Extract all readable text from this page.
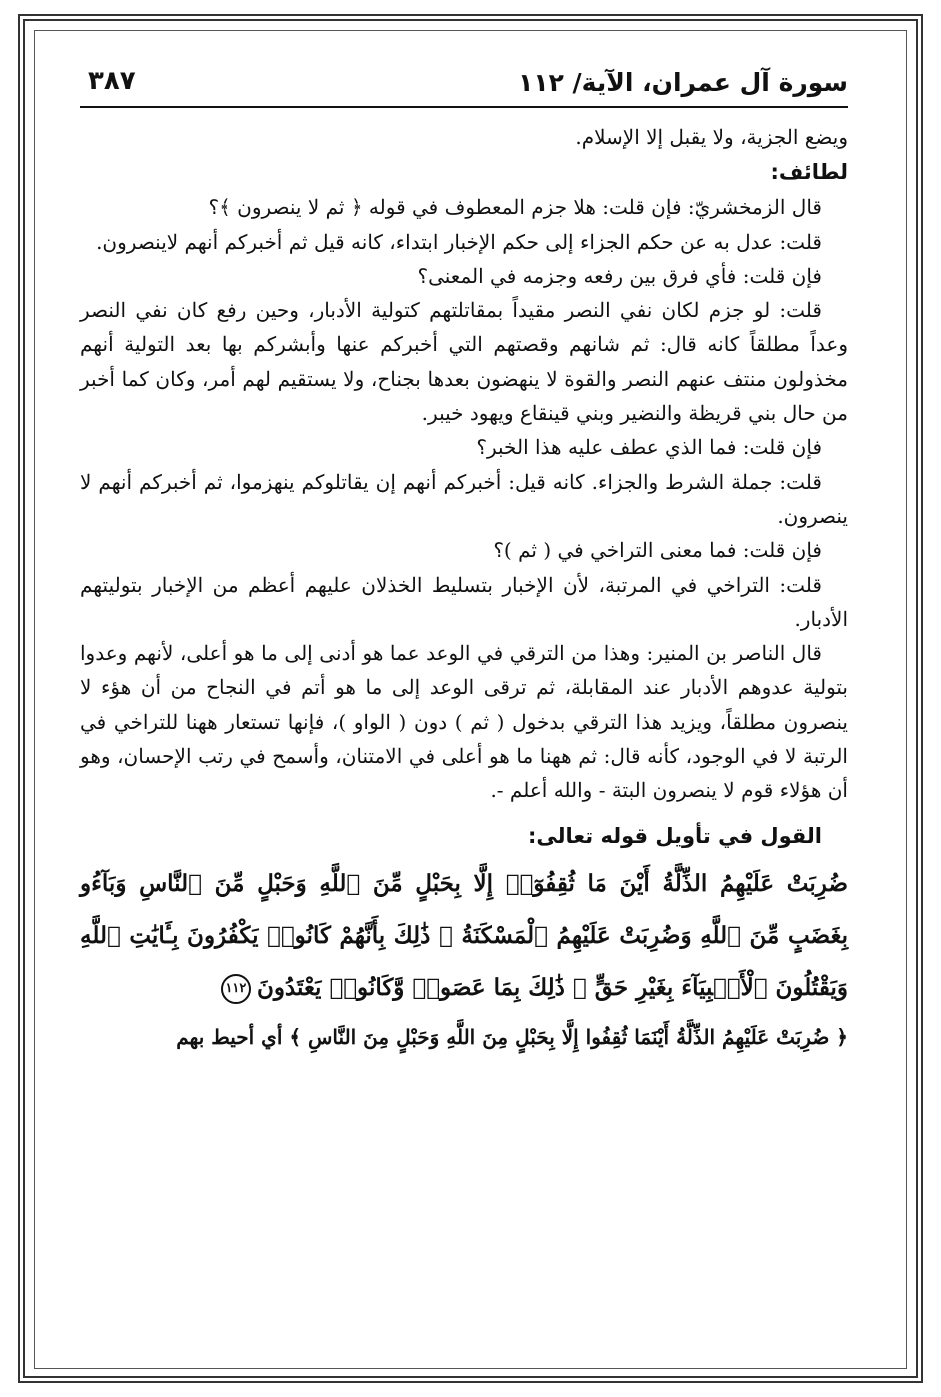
سورة آل عمران، الآية/ ١١٢
٣٨٧

ويضع الجزية، ولا يقبل إلا الإسلام.

لطائف:

قال الزمخشريّ: فإن قلت: هلا جزم المعطوف في قوله ﴿ ثم لا ينصرون ﴾؟

قلت: عدل به عن حكم الجزاء إلى حكم الإخبار ابتداء، كانه قيل ثم أخبركم أنهم لاينصرون.

فإن قلت: فأي فرق بين رفعه وجزمه في المعنى؟

قلت: لو جزم لكان نفي النصر مقيداً بمقاتلتهم كتولية الأدبار، وحين رفع كان نفي النصر وعداً مطلقاً كانه قال: ثم شانهم وقصتهم التي أخبركم عنها وأبشركم بها بعد التولية أنهم مخذولون منتف عنهم النصر والقوة لا ينهضون بعدها بجناح، ولا يستقيم لهم أمر، وكان كما أخبر من حال بني قريظة والنضير وبني قينقاع ويهود خيبر.

فإن قلت: فما الذي عطف عليه هذا الخبر؟

قلت: جملة الشرط والجزاء. كانه قيل: أخبركم أنهم إن يقاتلوكم ينهزموا، ثم أخبركم أنهم لا ينصرون.

فإن قلت: فما معنى التراخي في ( ثم )؟

قلت: التراخي في المرتبة، لأن الإخبار بتسليط الخذلان عليهم أعظم من الإخبار بتوليتهم الأدبار.

قال الناصر بن المنير: وهذا من الترقي في الوعد عما هو أدنى إلى ما هو أعلى، لأنهم وعدوا بتولية عدوهم الأدبار عند المقابلة، ثم ترقى الوعد إلى ما هو أتم في النجاح من أن هؤء لا ينصرون مطلقاً، ويزيد هذا الترقي بدخول ( ثم ) دون ( الواو )، فإنها تستعار ههنا للتراخي في الرتبة لا في الوجود، كأنه قال: ثم ههنا ما هو أعلى في الامتنان، وأسمح في رتب الإحسان، وهو أن هؤلاء قوم لا ينصرون البتة - والله أعلم -.

القول في تأويل قوله تعالى:

ضُرِبَتْ عَلَيْهِمُ الذِّلَّةُ أَيْنَ مَا ثُقِفُوٓا۟ إِلَّا بِحَبْلٍ مِّنَ ٱللَّهِ وَحَبْلٍ مِّنَ ٱلنَّاسِ وَبَآءُو بِغَضَبٍ مِّنَ ٱللَّهِ وَضُرِبَتْ عَلَيْهِمُ ٱلْمَسْكَنَةُ ۚ ذَٰلِكَ بِأَنَّهُمْ كَانُوا۟ يَكْفُرُونَ بِـَٔايَٰتِ ٱللَّهِ وَيَقْتُلُونَ ٱلْأَنۢبِيَآءَ بِغَيْرِ حَقٍّ ۚ ذَٰلِكَ بِمَا عَصَوا۟ وَّكَانُوا۟ يَعْتَدُونَ١١٢

﴿ ضُرِبَتْ عَلَيْهِمُ الذِّلَّةُ أَيْنَمَا ثُقِفُوا إِلَّا بِحَبْلٍ مِنَ اللَّهِ وَحَبْلٍ مِنَ النَّاسِ ﴾ أي أحيط بهم
